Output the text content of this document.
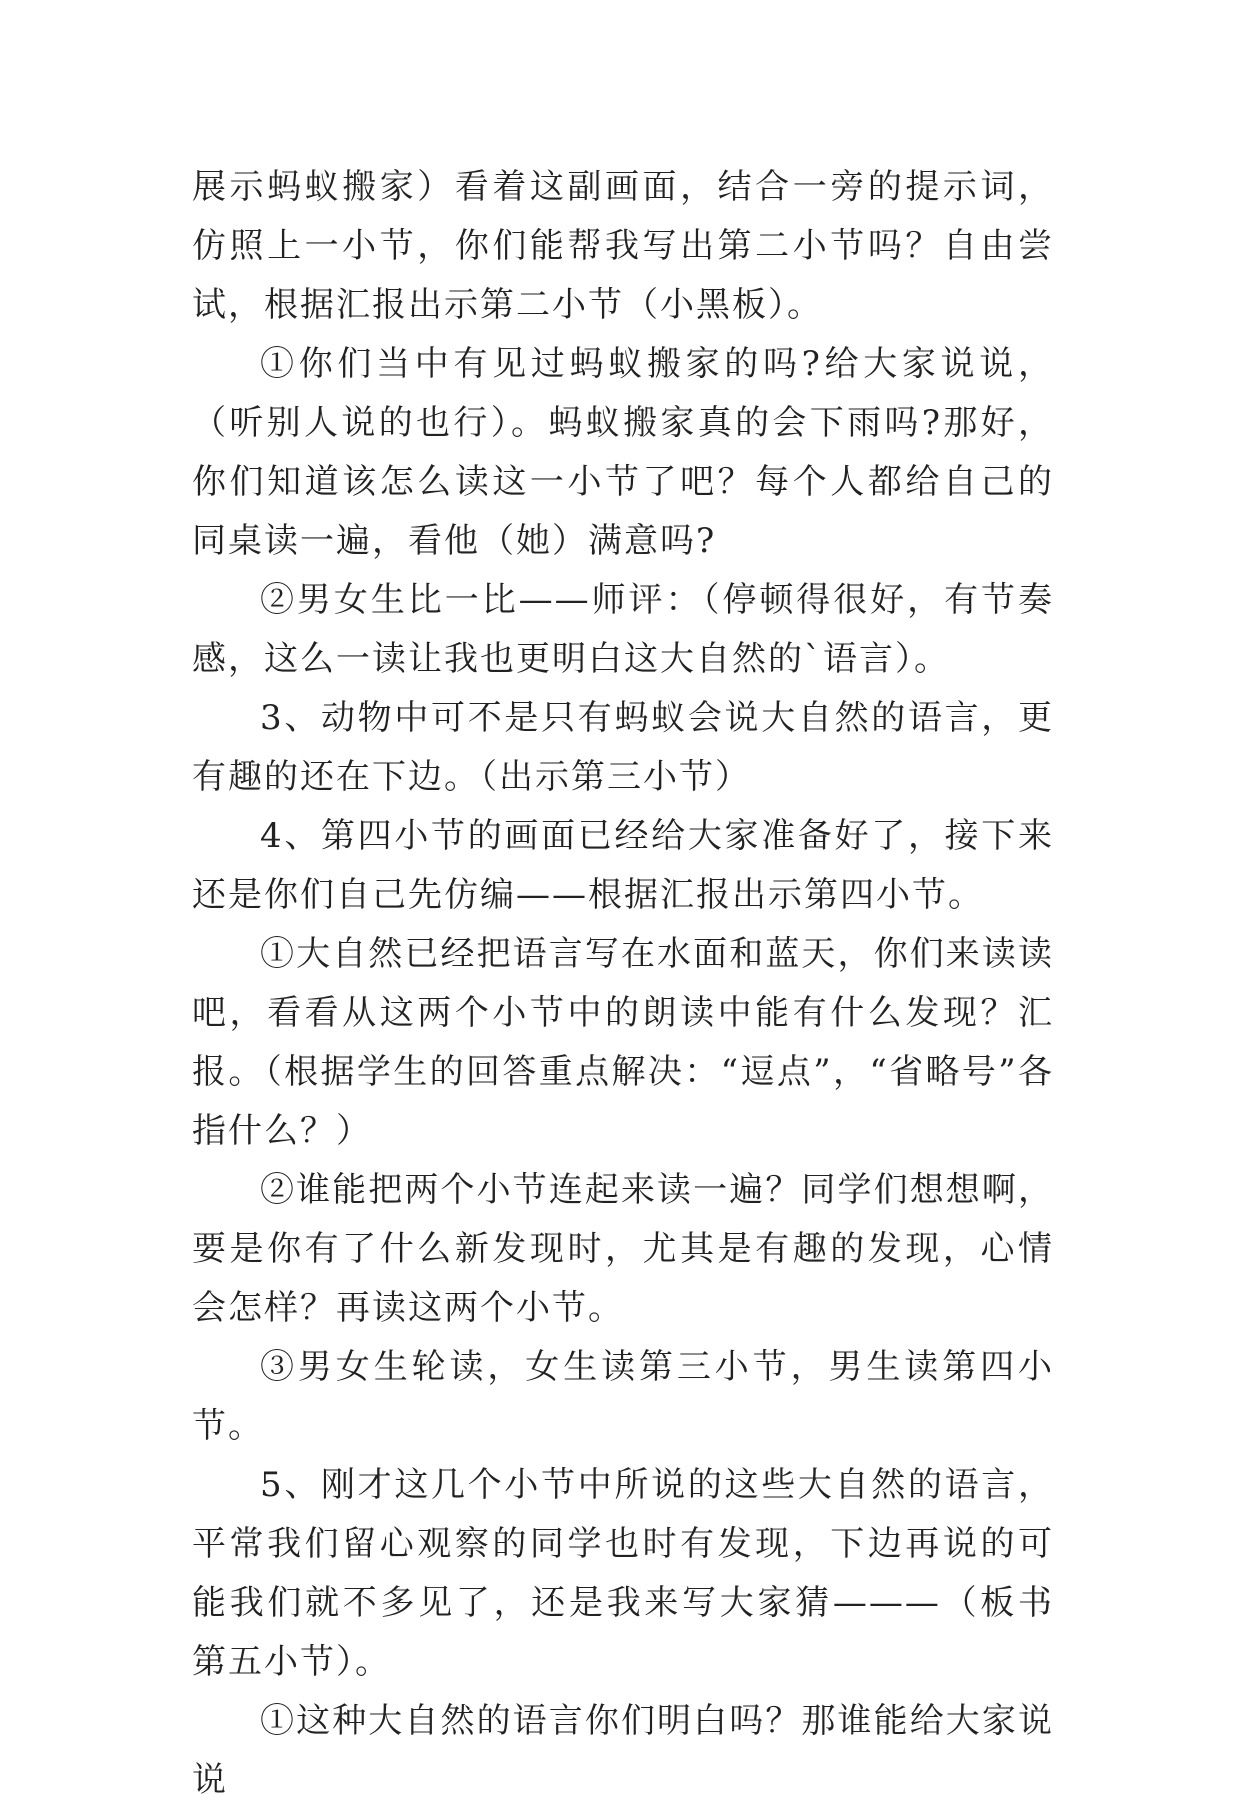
展示蚂蚁搬家）看着这副画面，结合一旁的提示词，仿照上一小节，你们能帮我写出第二小节吗？自由尝试，根据汇报出示第二小节（小黑板）。

①你们当中有见过蚂蚁搬家的吗?给大家说说，（听别人说的也行）。蚂蚁搬家真的会下雨吗?那好，你们知道该怎么读这一小节了吧？每个人都给自己的同桌读一遍，看他（她）满意吗?

②男女生比一比——师评：（停顿得很好，有节奏感，这么一读让我也更明白这大自然的`语言）。

3、动物中可不是只有蚂蚁会说大自然的语言，更有趣的还在下边。（出示第三小节）

4、第四小节的画面已经给大家准备好了，接下来还是你们自己先仿编——根据汇报出示第四小节。

①大自然已经把语言写在水面和蓝天，你们来读读吧，看看从这两个小节中的朗读中能有什么发现？汇报。（根据学生的回答重点解决：“逗点”，“省略号”各指什么？）

②谁能把两个小节连起来读一遍？同学们想想啊，要是你有了什么新发现时，尤其是有趣的发现，心情会怎样？再读这两个小节。

③男女生轮读，女生读第三小节，男生读第四小节。

5、刚才这几个小节中所说的这些大自然的语言，平常我们留心观察的同学也时有发现，下边再说的可能我们就不多见了，还是我来写大家猜———（板书第五小节）。

①这种大自然的语言你们明白吗？那谁能给大家说说
